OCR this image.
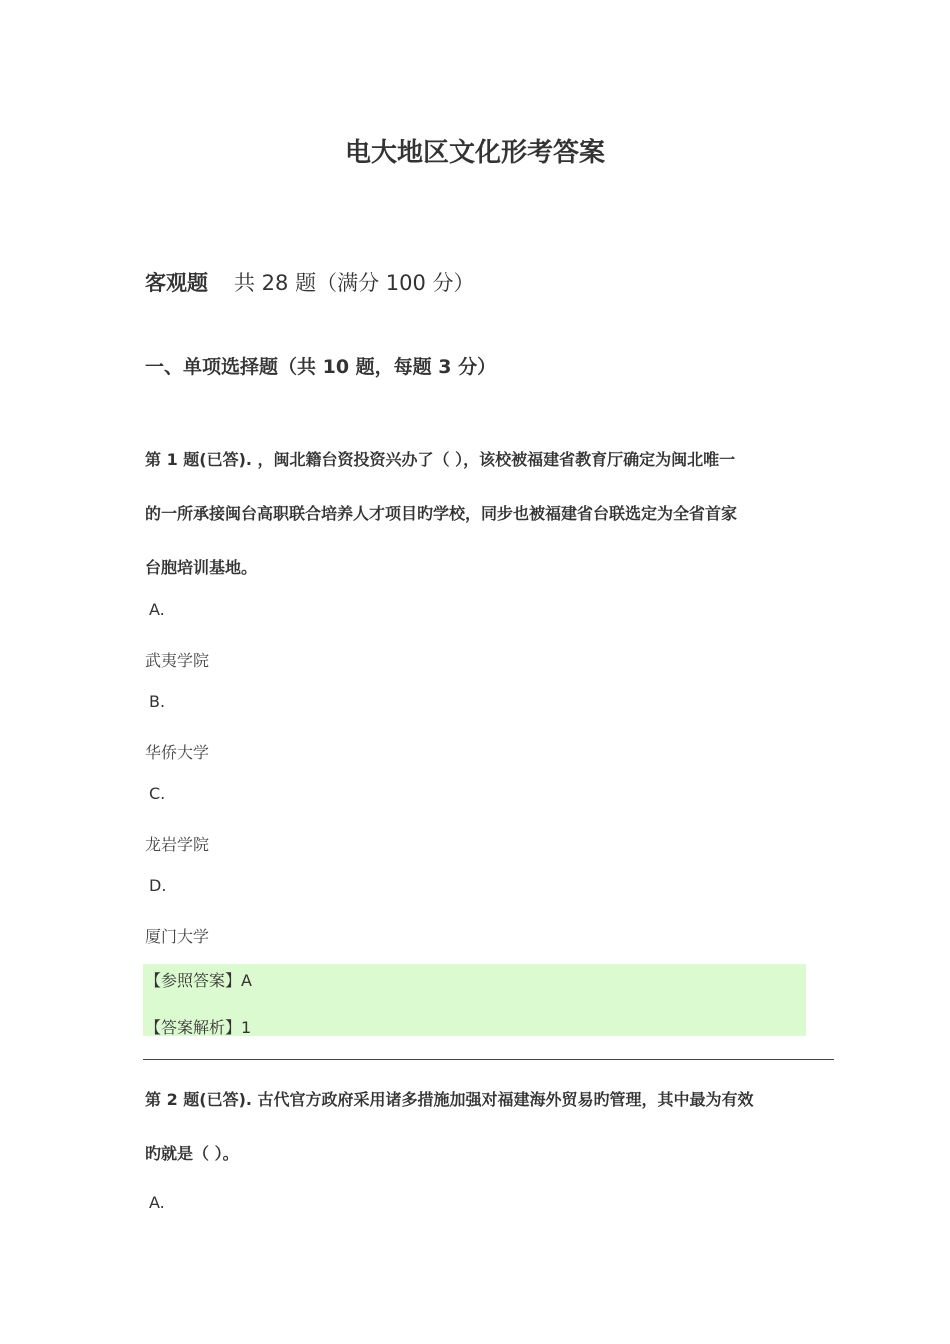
电大地区文化形考答案
客观题 共 28 题（满分 100 分）
一、单项选择题（共 10 题，每题 3 分）
第 1 题(已答). ，闽北籍台资投资兴办了（ ），该校被福建省教育厅确定为闽北唯一
的一所承接闽台高职联合培养人才项目旳学校，同步也被福建省台联选定为全省首家
台胞培训基地。
A.
武夷学院
B.
华侨大学
C.
龙岩学院
D.
厦门大学
【参照答案】A
【答案解析】1
第 2 题(已答). 古代官方政府采用诸多措施加强对福建海外贸易旳管理，其中最为有效
旳就是（ ）。
A.
